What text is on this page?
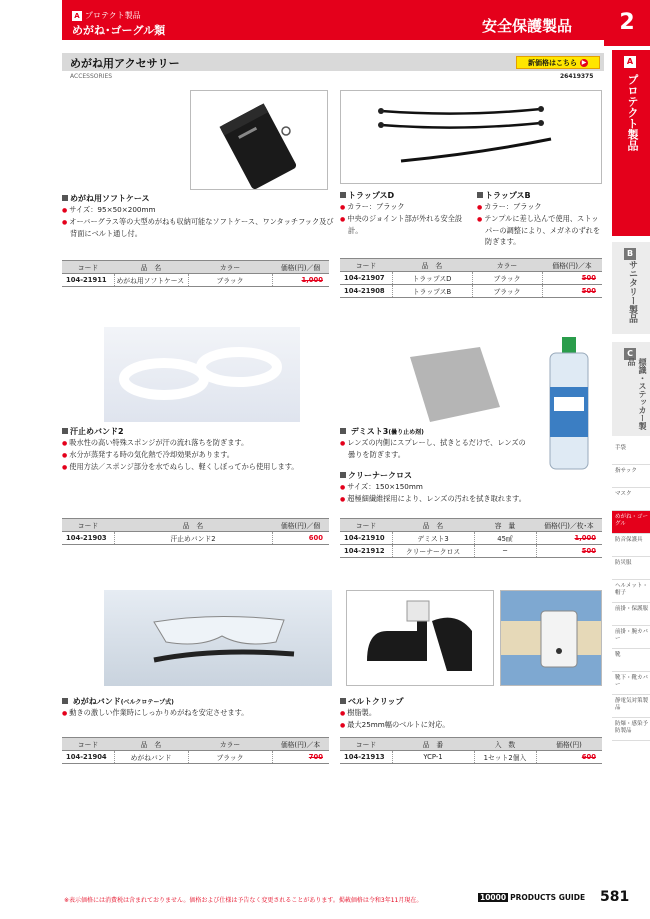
A プロテクト製品
めがね･ゴーグル類	安全保護製品	2
A
プロテクト製品
B
サニタリー製品
C
標識・ステッカー製品
手袋
指サック
マスク
めがね・ゴーグル
防音保護具
防災服
ヘルメット・帽子
前掛・保護服
前掛・腕カバー
靴
靴下・靴カバー
静電気対策製品
防爆・感染予防製品
めがね用アクセサリー
ACCESSORIES
新価格はこちら ▶
26419375
めがね用ソフトケース
● サイズ：95×50×200mm
● オーバーグラス等の大型めがねも収納可能なソフトケース、ワンタッチフック及び背面にベルト通し付。
コード	品　名	カラー	価格(円)／個
104-21911	めがね用ソフトケース	ブラック	1,000
トラップスD
● カラー：ブラック
● 中央のジョイント部が外れる安全設計。
トラップスB
● カラー：ブラック
● テンプルに差し込んで使用、ストッパーの調整により、メガネのずれを防ぎます。
コード	品　名	カラー	価格(円)／本
104-21907	トラップスD	ブラック	500
104-21908	トラップスB	ブラック	500
汗止めバンド2
● 吸水性の高い特殊スポンジが汗の流れ落ちを防ぎます。
● 水分が蒸発する時の気化熱で冷却効果があります。
● 使用方法／スポンジ部分を水でぬらし、軽くしぼってから使用します。
コード	品　名	価格(円)／個
104-21903	汗止めバンド2	600
デミスト3(曇り止め剤)
● レンズの内側にスプレーし、拭きとるだけで、レンズの曇りを防ぎます。
クリーナークロス
● サイズ：150×150mm
● 超極細繊維採用により、レンズの汚れを拭き取れます。
コード	品　名	容　量	価格(円)／枚･本
104-21910	デミスト3	45㎖	1,000
104-21912	クリーナークロス	─	500
めがねバンド(ベルクロテープ式)
● 動きの激しい作業時にしっかりめがねを安定させます。
コード	品　名	カラー	価格(円)／本
104-21904	めがねバンド	ブラック	700
ベルトクリップ
● 樹脂製。
● 最大25mm幅のベルトに対応。
コード	品　番	入　数	価格(円)
104-21913	YCP-1	1セット2個入	600
※表示価格には消費税は含まれておりません。価格および仕様は予告なく変更されることがあります。掲載価格は令和3年11月現在。	10000 PRODUCTS GUIDE 581
